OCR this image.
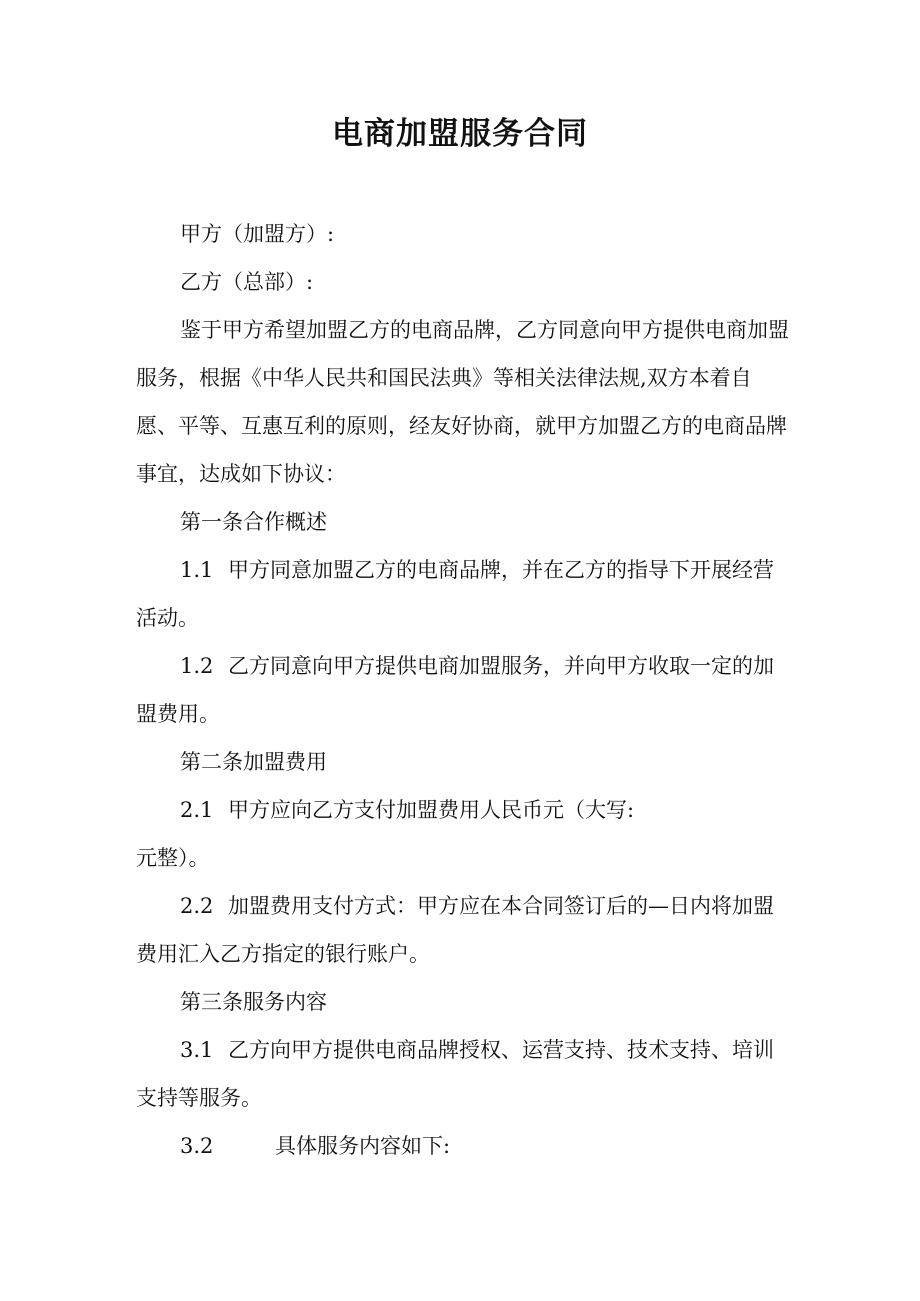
电商加盟服务合同

甲方（加盟方）:

乙方（总部）:

鉴于甲方希望加盟乙方的电商品牌，乙方同意向甲方提供电商加盟服务，根据《中华人民共和国民法典》等相关法律法规,双方本着自愿、平等、互惠互利的原则，经友好协商，就甲方加盟乙方的电商品牌事宜，达成如下协议：

第一条合作概述

1.1 甲方同意加盟乙方的电商品牌，并在乙方的指导下开展经营活动。

1.2 乙方同意向甲方提供电商加盟服务，并向甲方收取一定的加盟费用。

第二条加盟费用

2.1 甲方应向乙方支付加盟费用人民币元（大写:

元整）。

2.2 加盟费用支付方式：甲方应在本合同签订后的—日内将加盟费用汇入乙方指定的银行账户。

第三条服务内容

3.1 乙方向甲方提供电商品牌授权、运营支持、技术支持、培训支持等服务。

3.2	具体服务内容如下:
